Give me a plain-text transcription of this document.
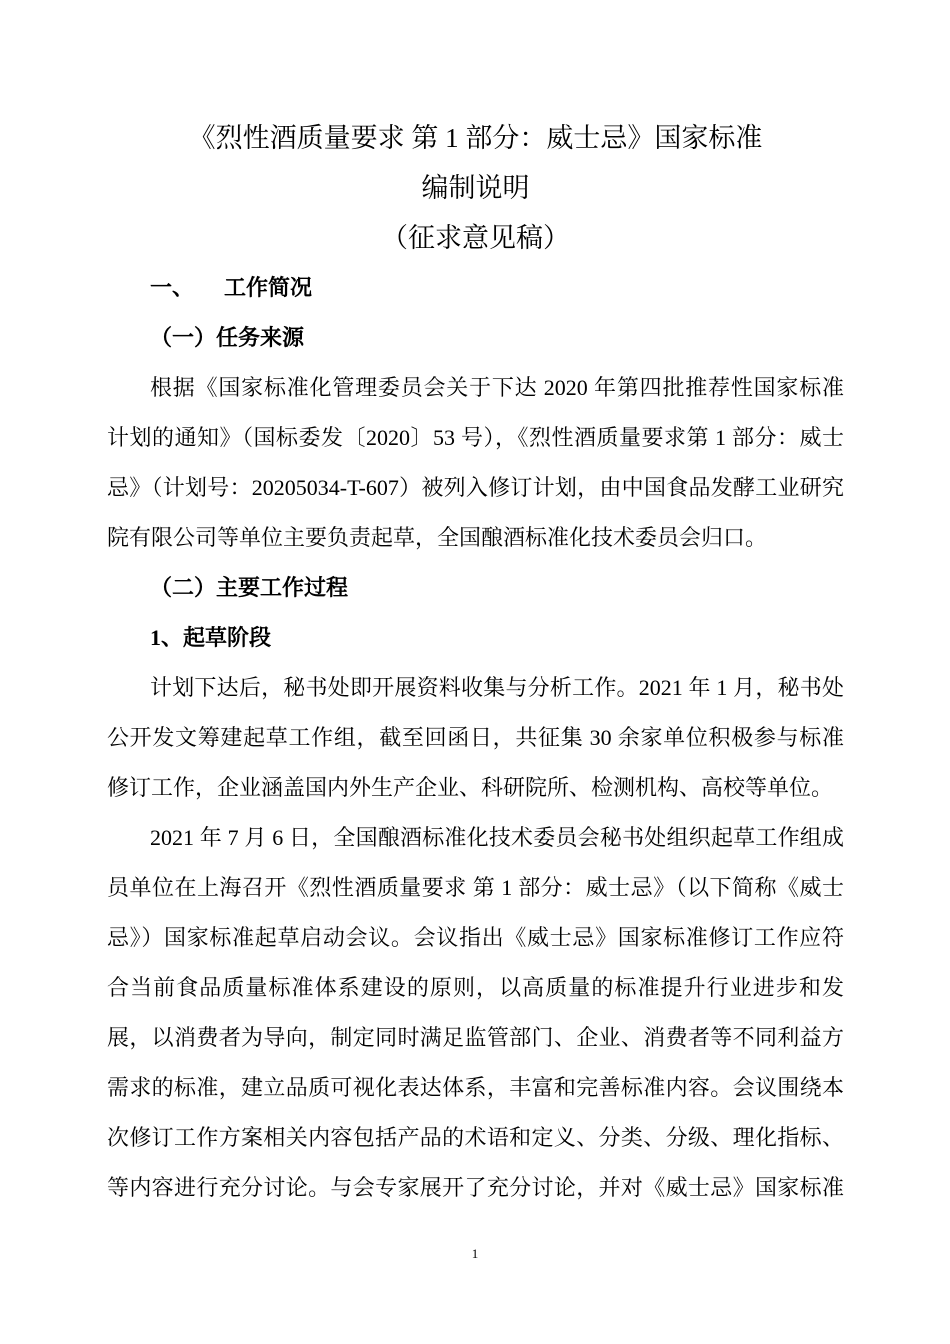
《烈性酒质量要求 第 1 部分：威士忌》国家标准
编制说明
（征求意见稿）
一、 工作简况
（一）任务来源
根据《国家标准化管理委员会关于下达 2020 年第四批推荐性国家标准
计划的通知》（国标委发〔2020〕53 号），《烈性酒质量要求第 1 部分：威士
忌》（计划号：20205034-T-607）被列入修订计划，由中国食品发酵工业研究
院有限公司等单位主要负责起草，全国酿酒标准化技术委员会归口。
（二）主要工作过程
1、起草阶段
计划下达后，秘书处即开展资料收集与分析工作。2021 年 1 月，秘书处
公开发文筹建起草工作组，截至回函日，共征集 30 余家单位积极参与标准
修订工作，企业涵盖国内外生产企业、科研院所、检测机构、高校等单位。
2021 年 7 月 6 日，全国酿酒标准化技术委员会秘书处组织起草工作组成
员单位在上海召开《烈性酒质量要求 第 1 部分：威士忌》（以下简称《威士
忌》）国家标准起草启动会议。会议指出《威士忌》国家标准修订工作应符
合当前食品质量标准体系建设的原则，以高质量的标准提升行业进步和发
展，以消费者为导向，制定同时满足监管部门、企业、消费者等不同利益方
需求的标准，建立品质可视化表达体系，丰富和完善标准内容。会议围绕本
次修订工作方案相关内容包括产品的术语和定义、分类、分级、理化指标、
等内容进行充分讨论。与会专家展开了充分讨论，并对《威士忌》国家标准
1
